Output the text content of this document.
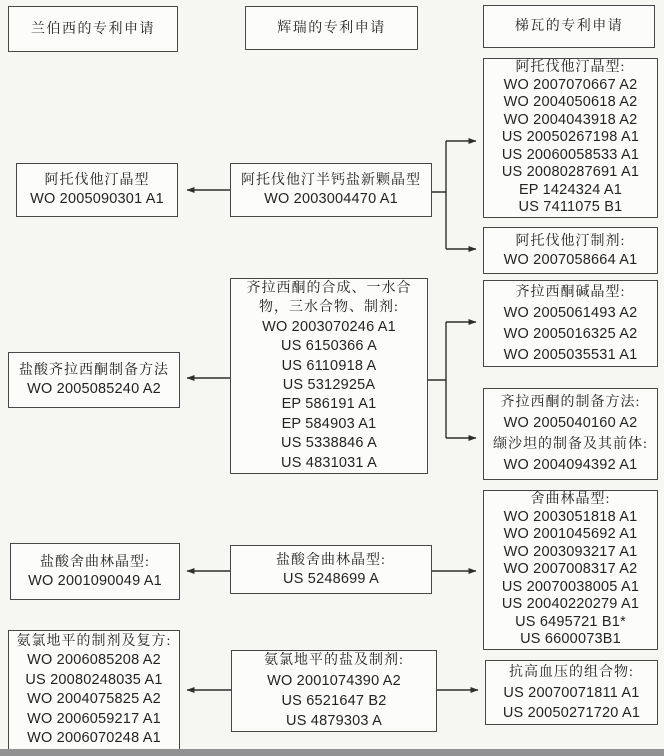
兰伯西的专利申请	辉瑞的专利申请	梯瓦的专利申请
阿托伐他汀晶型
WO 2005090301 A1
盐酸齐拉西酮制备方法
WO 2005085240 A2
盐酸舍曲林晶型:
WO 2001090049 A1
氨氯地平的制剂及复方:
WO 2006085208 A2
US 20080248035 A1
WO 2004075825 A2
WO 2006059217 A1
WO 2006070248 A1
阿托伐他汀半钙盐新颗晶型
WO 2003004470 A1
齐拉西酮的合成、一水合
物，三水合物、制剂:
WO 2003070246 A1
US 6150366 A
US 6110918 A
US 5312925A
EP 586191 A1
EP 584903 A1
US 5338846 A
US 4831031 A
盐酸舍曲林晶型:
US 5248699 A
氨氯地平的盐及制剂:
WO 2001074390 A2
US 6521647 B2
US 4879303 A
阿托伐他汀晶型:
WO 2007070667 A2
WO 2004050618 A2
WO 2004043918 A2
US 20050267198 A1
US 20060058533 A1
US 20080287691 A1
EP 1424324 A1
US 7411075 B1
阿托伐他汀制剂:
WO 2007058664 A1
齐拉西酮碱晶型:
WO 2005061493 A2
WO 2005016325 A2
WO 2005035531 A1
齐拉西酮的制备方法:
WO 2005040160 A2
缬沙坦的制备及其前体:
WO 2004094392 A1
舍曲林晶型:
WO 2003051818 A1
WO 2001045692 A1
WO 2003093217 A1
WO 2007008317 A2
US 20070038005 A1
US 20040220279 A1
US 6495721 B1*
US 6600073B1
抗高血压的组合物:
US 20070071811 A1
US 20050271720 A1
